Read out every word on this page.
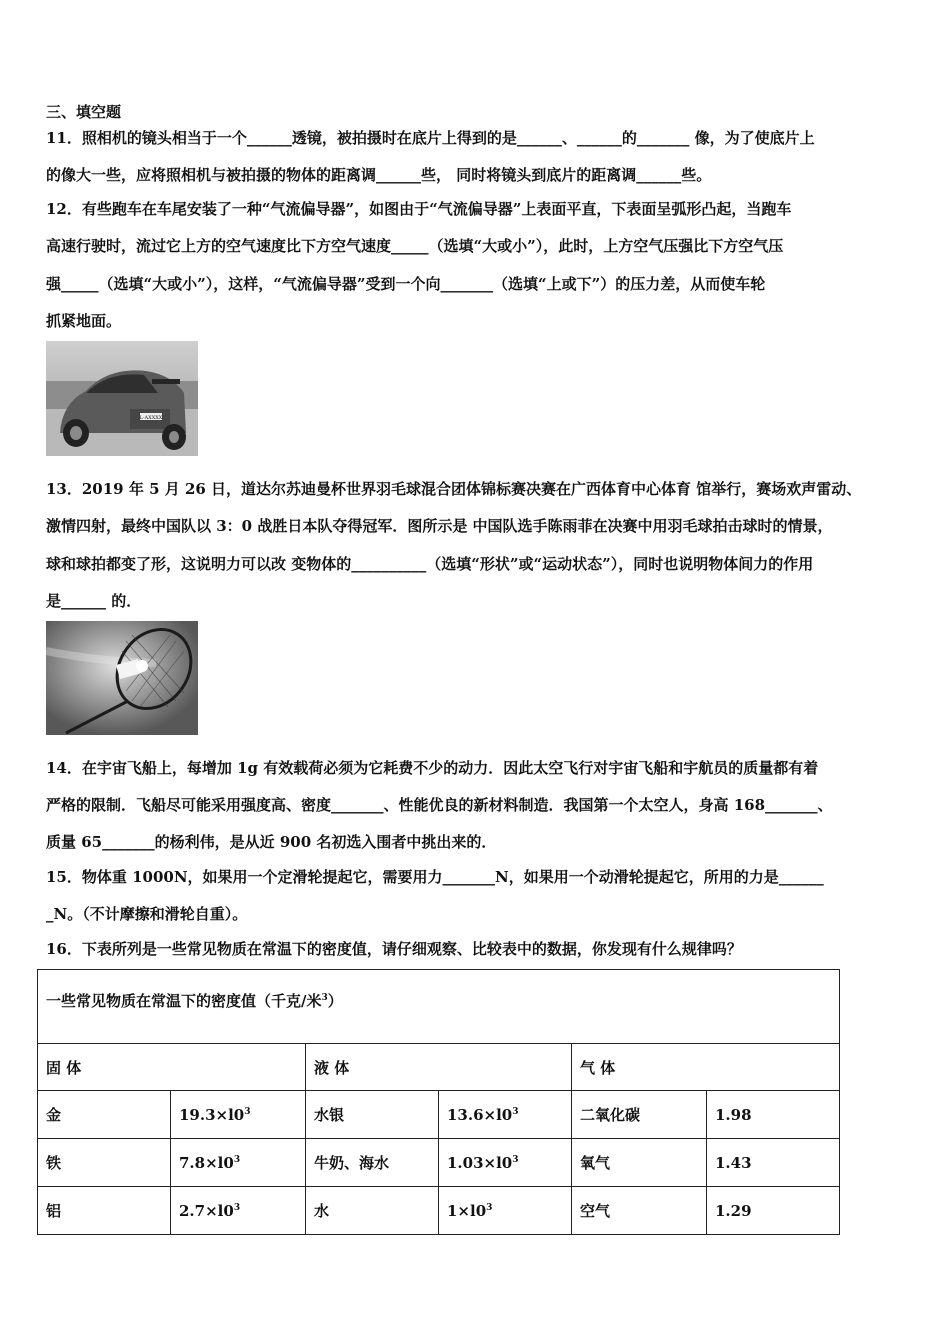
三、填空题
11．照相机的镜头相当于一个______透镜，被拍摄时在底片上得到的是______、______的_______ 像，为了使底片上
的像大一些，应将照相机与被拍摄的物体的距离调______些， 同时将镜头到底片的距离调______些。
12．有些跑车在车尾安装了一种“气流偏导器”，如图由于“气流偏导器”上表面平直，下表面呈弧形凸起，当跑车
高速行驶时，流过它上方的空气速度比下方空气速度_____（选填“大或小”），此时，上方空气压强比下方空气压
强_____（选填“大或小”），这样，“气流偏导器”受到一个向_______（选填“上或下”）的压力差，从而使车轮
抓紧地面。
L·AXXXX
13．2019 年 5 月 26 日，道达尔苏迪曼杯世界羽毛球混合团体锦标赛决赛在广西体育中心体育 馆举行，赛场欢声雷动、
激情四射，最终中国队以 3：0 战胜日本队夺得冠军．图所示是 中国队选手陈雨菲在决赛中用羽毛球拍击球时的情景，
球和球拍都变了形，这说明力可以改 变物体的__________（选填“形状”或“运动状态”），同时也说明物体间力的作用
是______ 的．
14．在宇宙飞船上，每增加 1g 有效载荷必须为它耗费不少的动力．因此太空飞行对宇宙飞船和宇航员的质量都有着
严格的限制．飞船尽可能采用强度高、密度_______、性能优良的新材料制造．我国第一个太空人，身高 168_______、
质量 65_______的杨利伟，是从近 900 名初选入围者中挑出来的．
15．物体重 1000N，如果用一个定滑轮提起它，需要用力_______N，如果用一个动滑轮提起它，所用的力是______
_N。（不计摩擦和滑轮自重）。
16．下表所列是一些常见物质在常温下的密度值，请仔细观察、比较表中的数据，你发现有什么规律吗？
一些常见物质在常温下的密度值（千克/米$^3$）					
固 体		液 体		气 体	
金	$19.3\times l0^3$	水银	$13.6\times l0^3$	二氧化碳	1.98
铁	$7.8\times l0^3$	牛奶、海水	$1.03\times l0^3$	氧气	1.43
铝	$2.7\times l0^3$	水	$1\times l0^3$	空气	1.29
